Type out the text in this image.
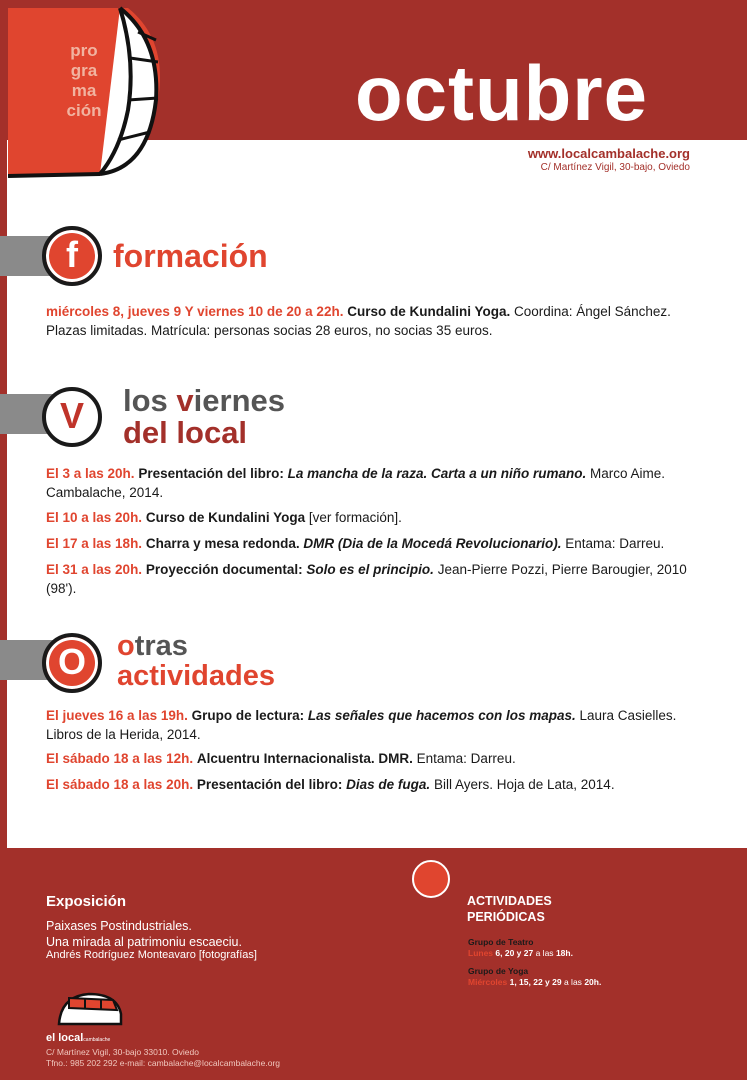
pro
gra
ma
ción	octubre
www.localcambalache.org
C/ Martínez Vigil, 30-bajo, Oviedo
f	formación
miércoles 8, jueves 9 Y viernes 10 de 20 a 22h. Curso de Kundalini Yoga. Coordina: Ángel Sánchez. Plazas limitadas. Matrícula: personas socias 28 euros, no socias 35 euros.
V	los viernes
del local
El 3 a las 20h. Presentación del libro: La mancha de la raza. Carta a un niño rumano. Marco Aime. Cambalache, 2014.
El 10 a las 20h. Curso de Kundalini Yoga [ver formación].
El 17 a las 18h. Charra y mesa redonda. DMR (Dia de la Mocedá Revolucionario). Entama: Darreu.
El 31 a las 20h. Proyección documental: Solo es el principio. Jean-Pierre Pozzi, Pierre Barougier, 2010 (98').
O	otras
actividades
El jueves 16 a las 19h. Grupo de lectura: Las señales que hacemos con los mapas. Laura Casielles. Libros de la Herida, 2014.
El sábado 18 a las 12h. Alcuentru Internacionalista. DMR. Entama: Darreu.
El sábado 18 a las 20h. Presentación del libro: Dias de fuga. Bill Ayers. Hoja de Lata, 2014.
Exposición
Paixases Postindustriales.
Una mirada al patrimoniu escaeciu.
Andrés Rodríguez Monteavaro [fotografías]
ACTIVIDADES
PERIÓDICAS
Grupo de Teatro
Lunes 6, 20 y 27 a las 18h.
Grupo de Yoga
Miércoles 1, 15, 22 y 29 a las 20h.
el localcambalache
C/ Martínez Vigil, 30-bajo 33010. Oviedo
Tfno.: 985 202 292 e-mail: cambalache@localcambalache.org
